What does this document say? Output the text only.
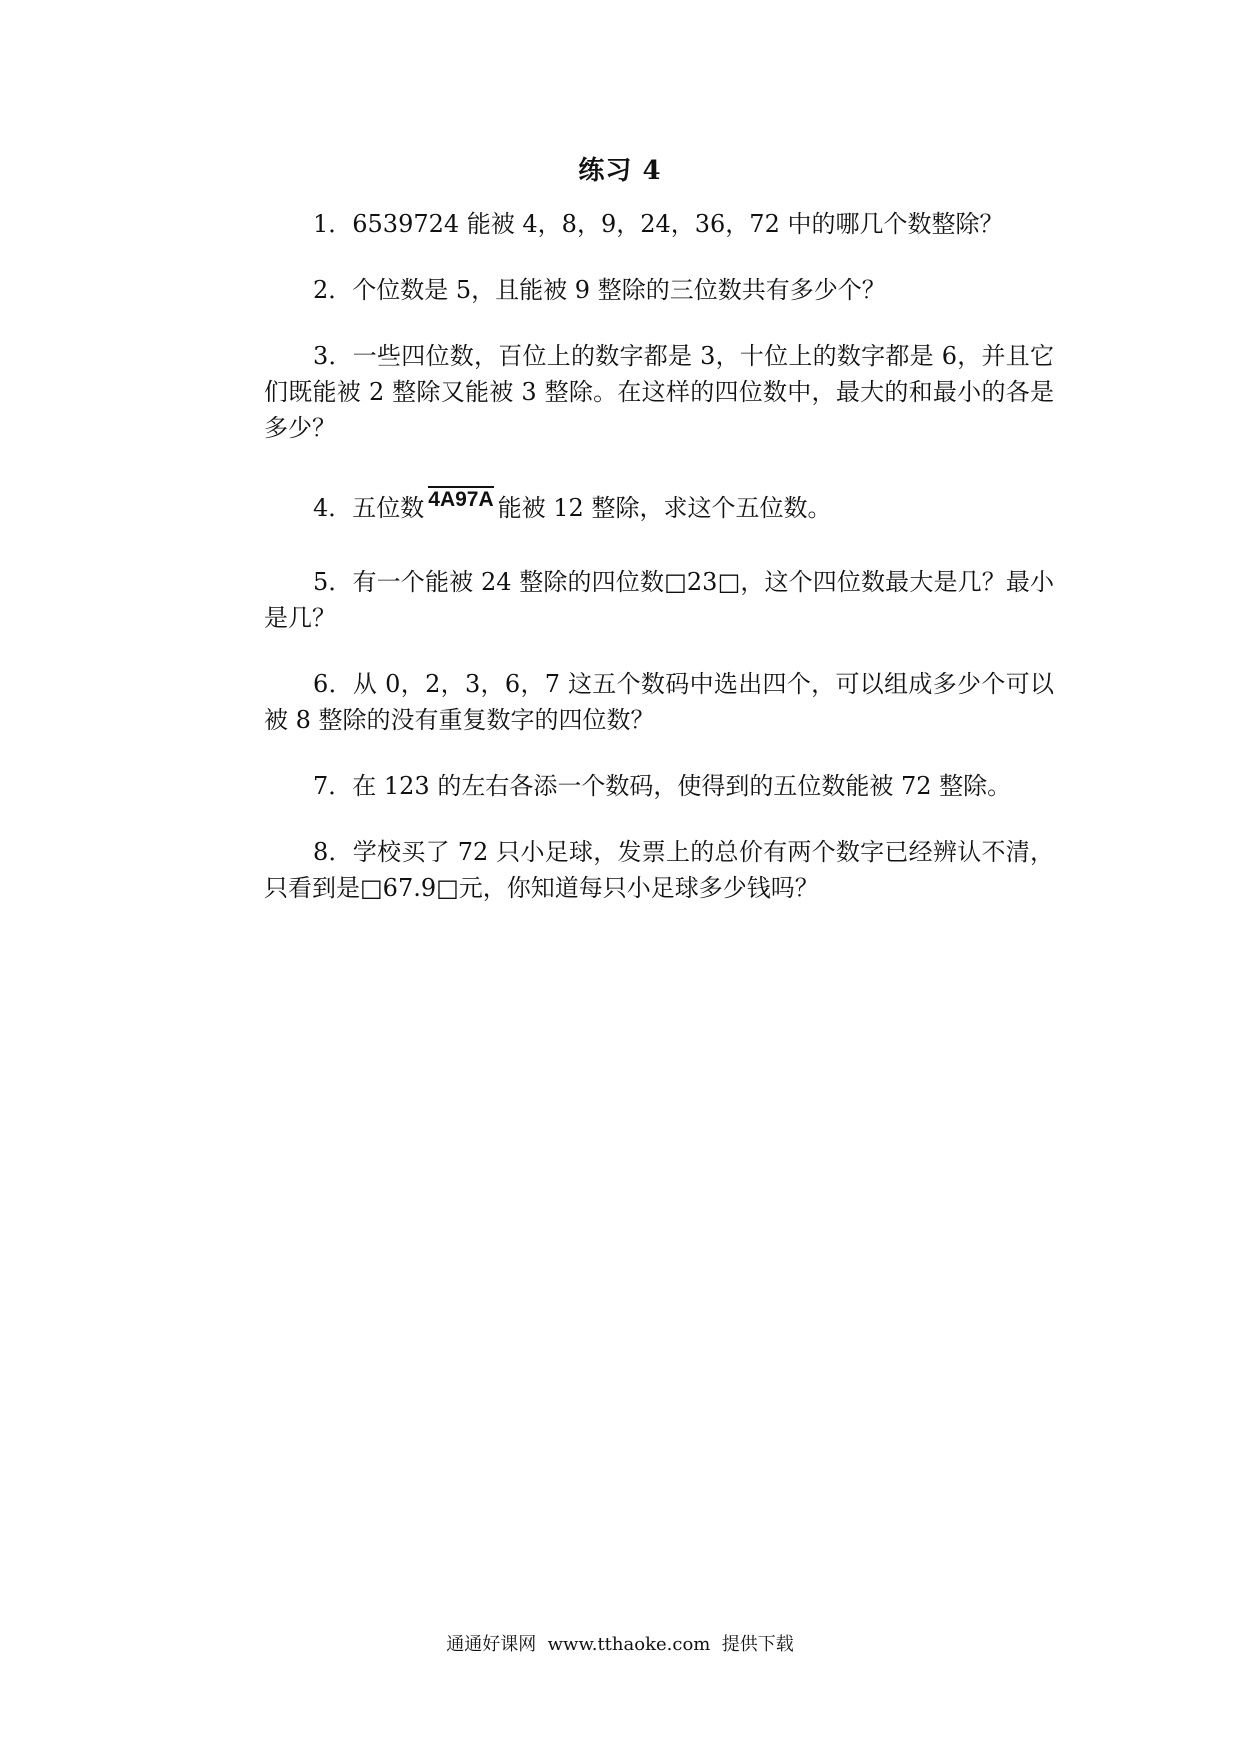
练习 4

1．6539724 能被 4，8，9，24，36，72 中的哪几个数整除？

2．个位数是 5，且能被 9 整除的三位数共有多少个？

3．一些四位数，百位上的数字都是 3，十位上的数字都是 6，并且它们既能被 2 整除又能被 3 整除。在这样的四位数中，最大的和最小的各是多少？

4．五位数 4A97A 能被 12 整除，求这个五位数。

5．有一个能被 24 整除的四位数□23□，这个四位数最大是几？最小是几？

6．从 0，2，3，6，7 这五个数码中选出四个，可以组成多少个可以被 8 整除的没有重复数字的四位数？

7．在 123 的左右各添一个数码，使得到的五位数能被 72 整除。

8．学校买了 72 只小足球，发票上的总价有两个数字已经辨认不清，只看到是□67.9□元，你知道每只小足球多少钱吗？

通通好课网  www.tthaoke.com  提供下载
